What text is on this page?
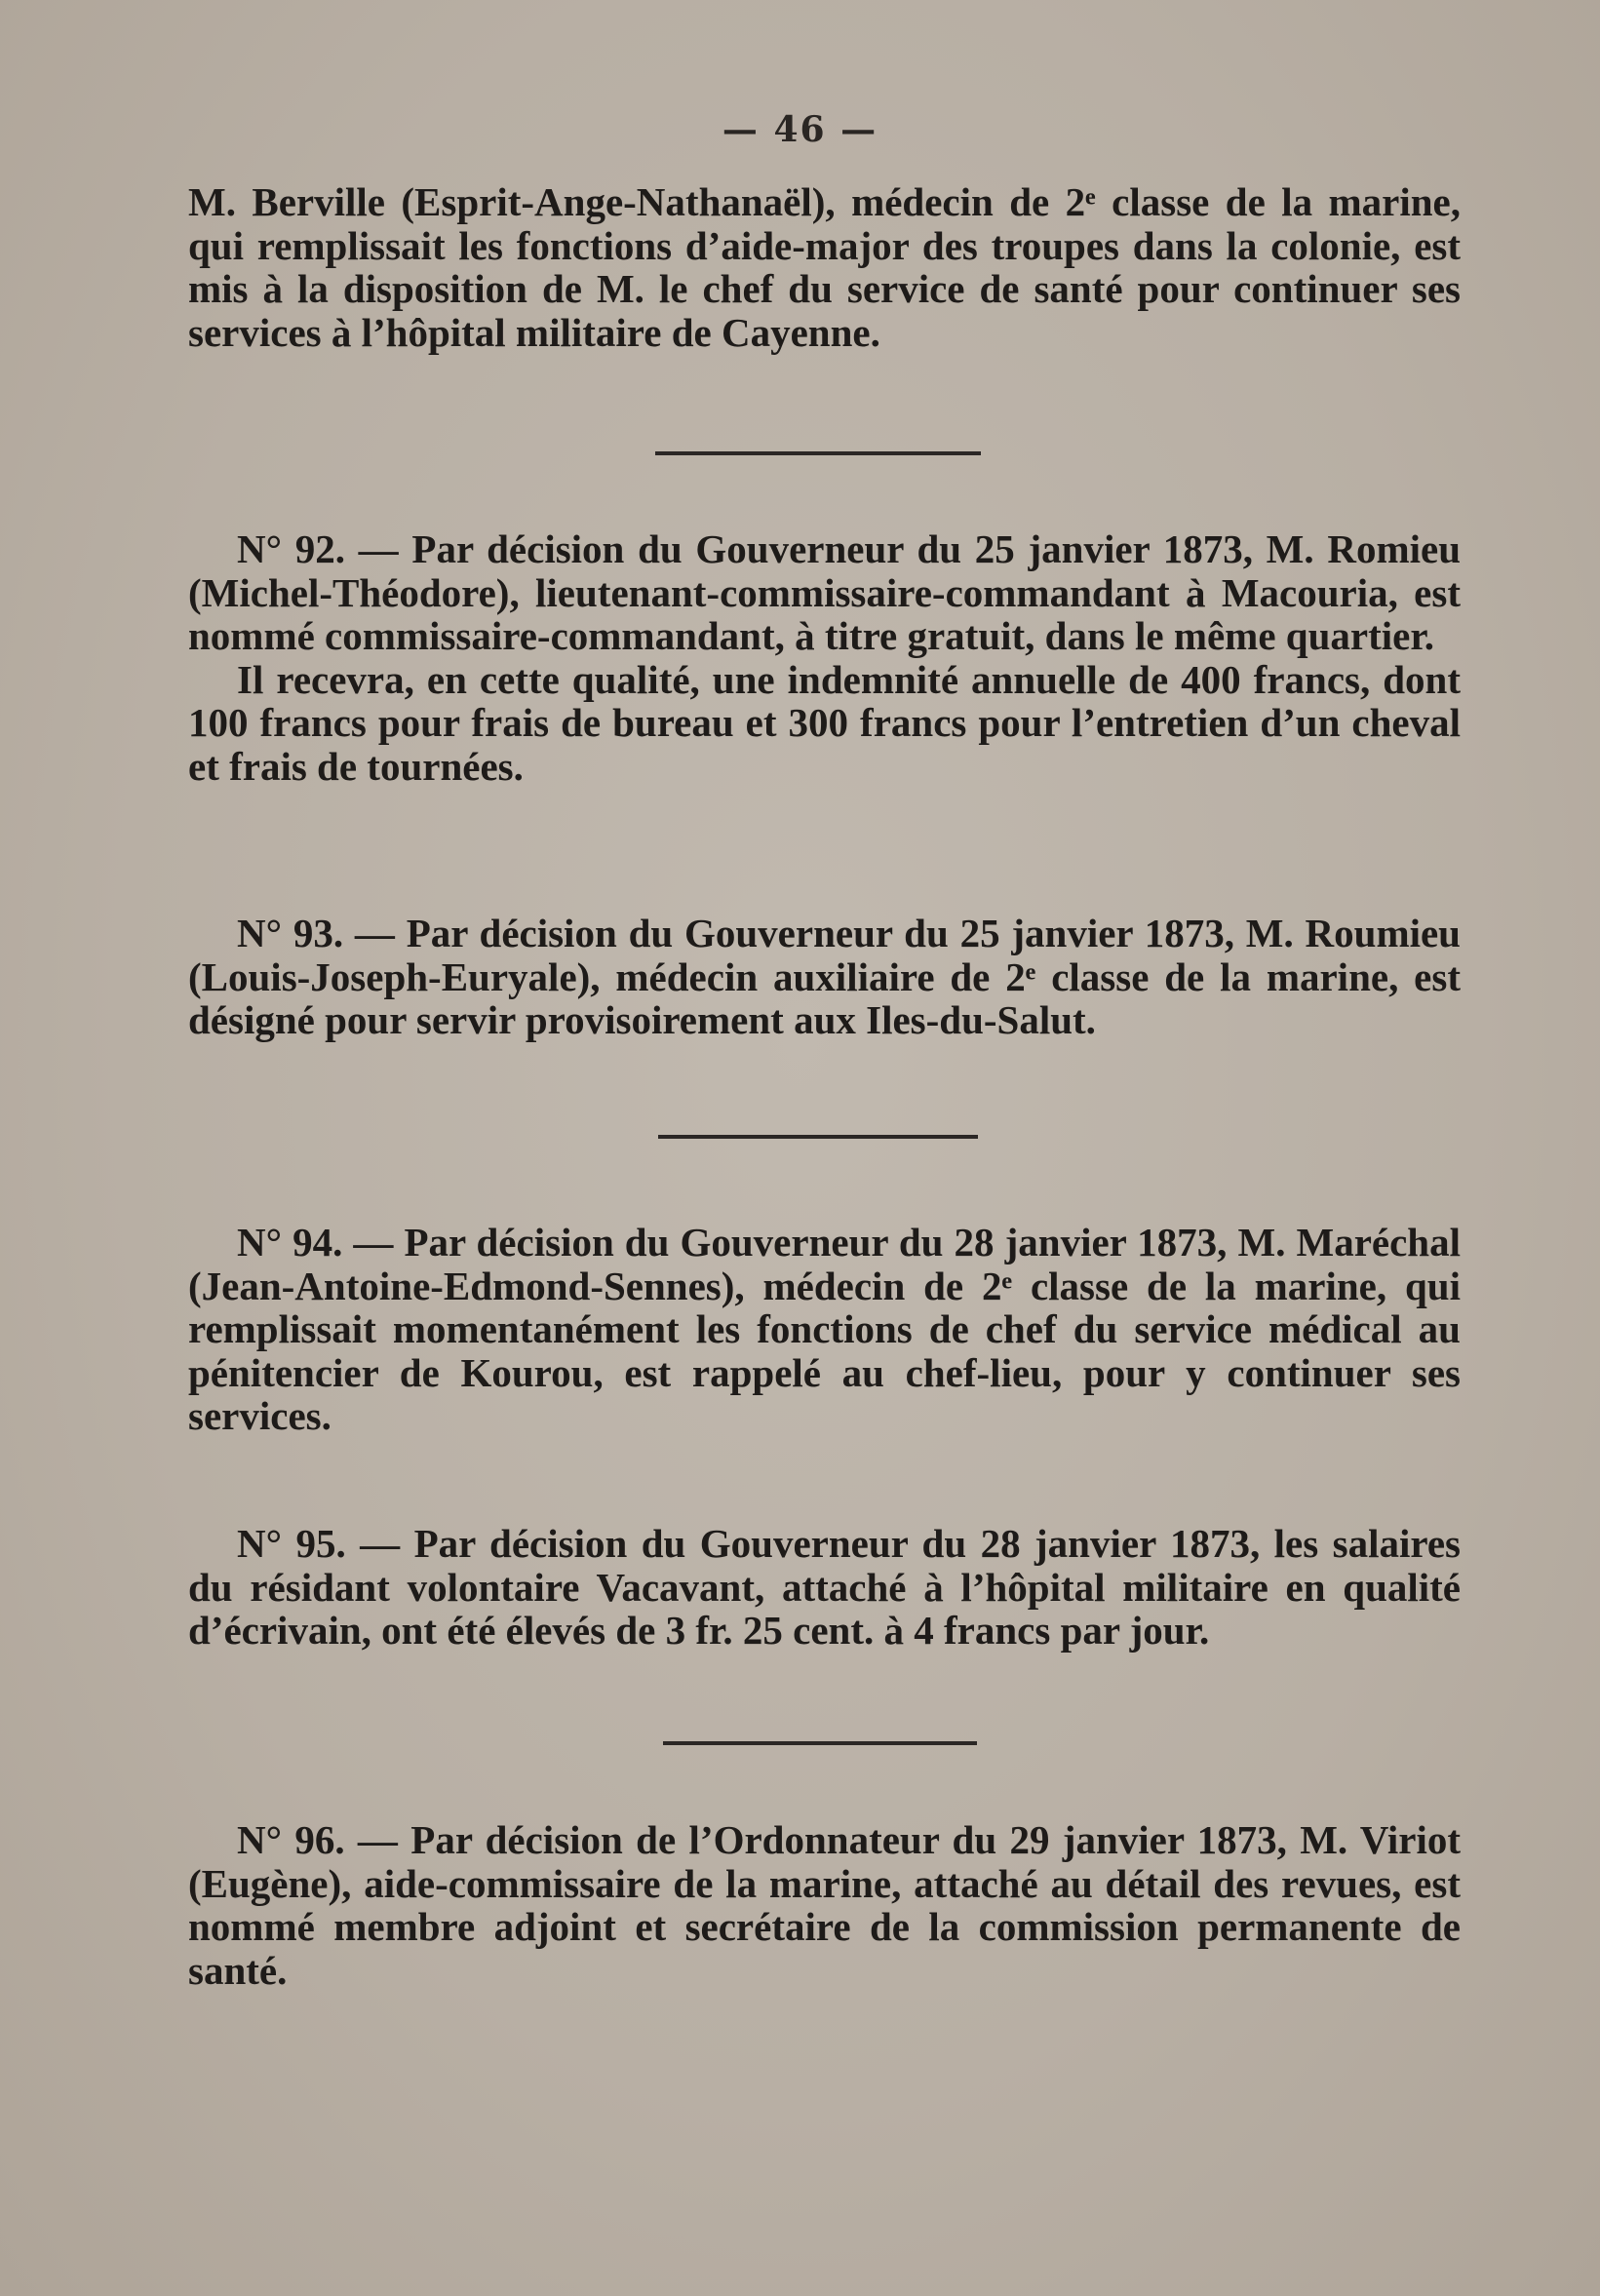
— 46 —

M. Berville (Esprit-Ange-Nathanaël), médecin de 2ᵉ classe de la marine, qui remplissait les fonctions d’aide-major des troupes dans la colonie, est mis à la disposition de M. le chef du service de santé pour continuer ses services à l’hôpital militaire de Cayenne.

N° 92. — Par décision du Gouverneur du 25 janvier 1873, M. Romieu (Michel-Théodore), lieutenant-commissaire-commandant à Macouria, est nommé commissaire-commandant, à titre gratuit, dans le même quartier.

Il recevra, en cette qualité, une indemnité annuelle de 400 francs, dont 100 francs pour frais de bureau et 300 francs pour l’entretien d’un cheval et frais de tournées.

N° 93. — Par décision du Gouverneur du 25 janvier 1873, M. Roumieu (Louis-Joseph-Euryale), médecin auxiliaire de 2ᵉ classe de la marine, est désigné pour servir provisoirement aux Iles-du-Salut.

N° 94. — Par décision du Gouverneur du 28 janvier 1873, M. Maréchal (Jean-Antoine-Edmond-Sennes), médecin de 2ᵉ classe de la marine, qui remplissait momentanément les fonctions de chef du service médical au pénitencier de Kourou, est rappelé au chef-lieu, pour y continuer ses services.

N° 95. — Par décision du Gouverneur du 28 janvier 1873, les salaires du résidant volontaire Vacavant, attaché à l’hôpital militaire en qualité d’écrivain, ont été élevés de 3 fr. 25 cent. à 4 francs par jour.

N° 96. — Par décision de l’Ordonnateur du 29 janvier 1873, M. Viriot (Eugène), aide-commissaire de la marine, attaché au détail des revues, est nommé membre adjoint et secrétaire de la commission permanente de santé.
